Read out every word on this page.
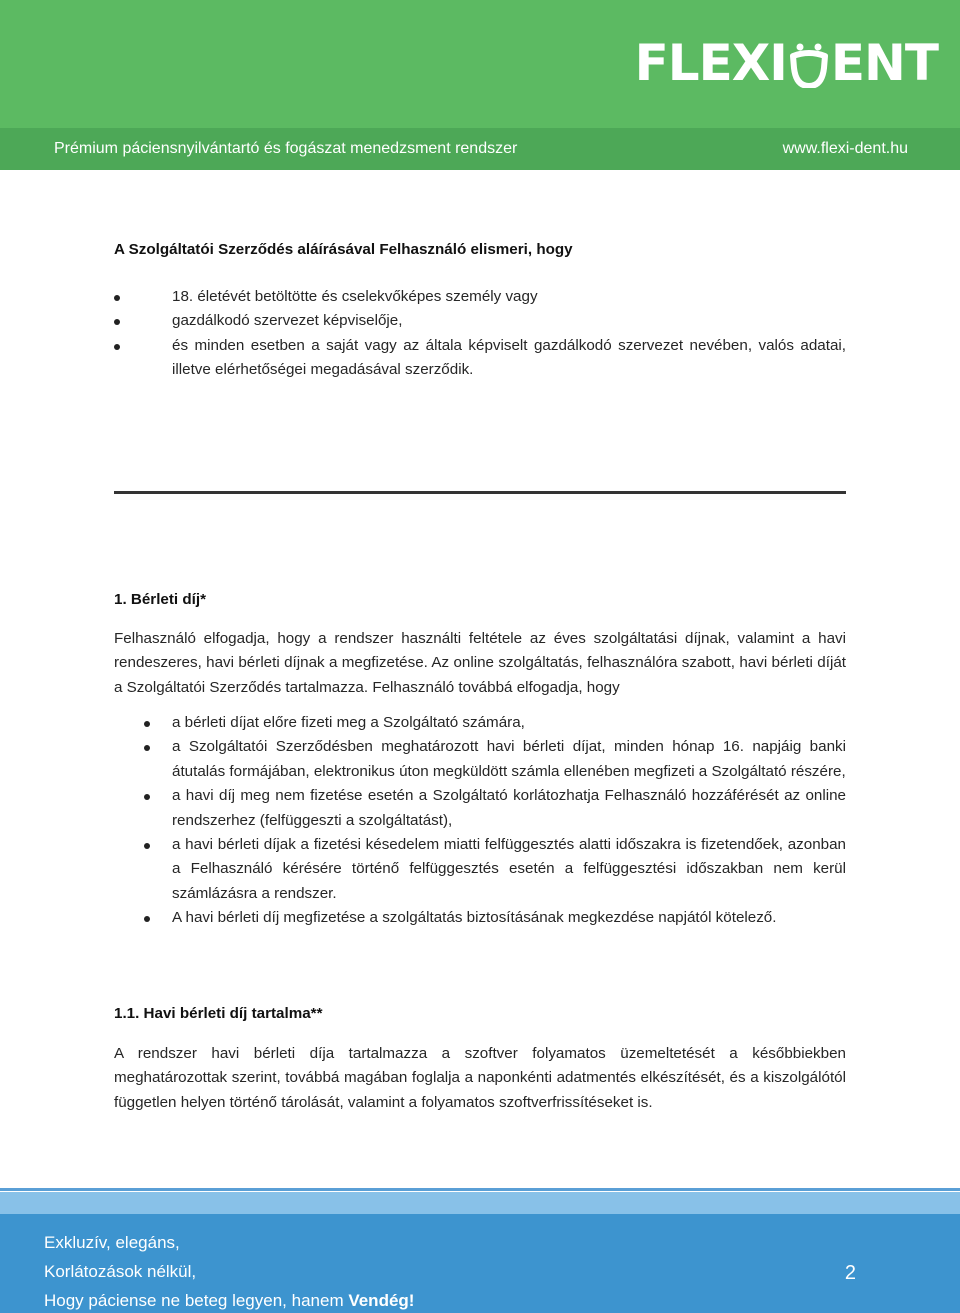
FLEXI ENT
Prémium páciensnyilvántartó és fogászat menedzsment rendszer	www.flexi-dent.hu
A Szolgáltatói Szerződés aláírásával Felhasználó elismeri, hogy
18. életévét betöltötte és cselekvőképes személy vagy
gazdálkodó szervezet képviselője,
és minden esetben a saját vagy az általa képviselt gazdálkodó szervezet nevében, valós adatai, illetve elérhetőségei megadásával szerződik.
1. Bérleti díj*
Felhasználó elfogadja, hogy a rendszer használti feltétele az éves szolgáltatási díjnak, valamint a havi rendeszeres, havi bérleti díjnak a megfizetése. Az online szolgáltatás, felhasználóra szabott, havi bérleti díját a Szolgáltatói Szerződés tartalmazza. Felhasználó továbbá elfogadja, hogy
a bérleti díjat előre fizeti meg a Szolgáltató számára,
a Szolgáltatói Szerződésben meghatározott havi bérleti díjat, minden hónap 16. napjáig banki átutalás formájában, elektronikus úton megküldött számla ellenében megfizeti a Szolgáltató részére,
a havi díj meg nem fizetése esetén a Szolgáltató korlátozhatja Felhasználó hozzáférését az online rendszerhez (felfüggeszti a szolgáltatást),
a havi bérleti díjak a fizetési késedelem miatti felfüggesztés alatti időszakra is fizetendőek, azonban a Felhasználó kérésére történő felfüggesztés esetén a felfüggesztési időszakban nem kerül számlázásra a rendszer.
A havi bérleti díj megfizetése a szolgáltatás biztosításának megkezdése napjától kötelező.
1.1. Havi bérleti díj tartalma**
A rendszer havi bérleti díja tartalmazza a szoftver folyamatos üzemeltetését a későbbiekben meghatározottak szerint, továbbá magában foglalja a naponkénti adatmentés elkészítését, és a kiszolgálótól független helyen történő tárolását, valamint a folyamatos szoftverfrissítéseket is.
Exkluzív, elegáns,
Korlátozások nélkül,
Hogy páciense ne beteg legyen, hanem Vendég!
2
